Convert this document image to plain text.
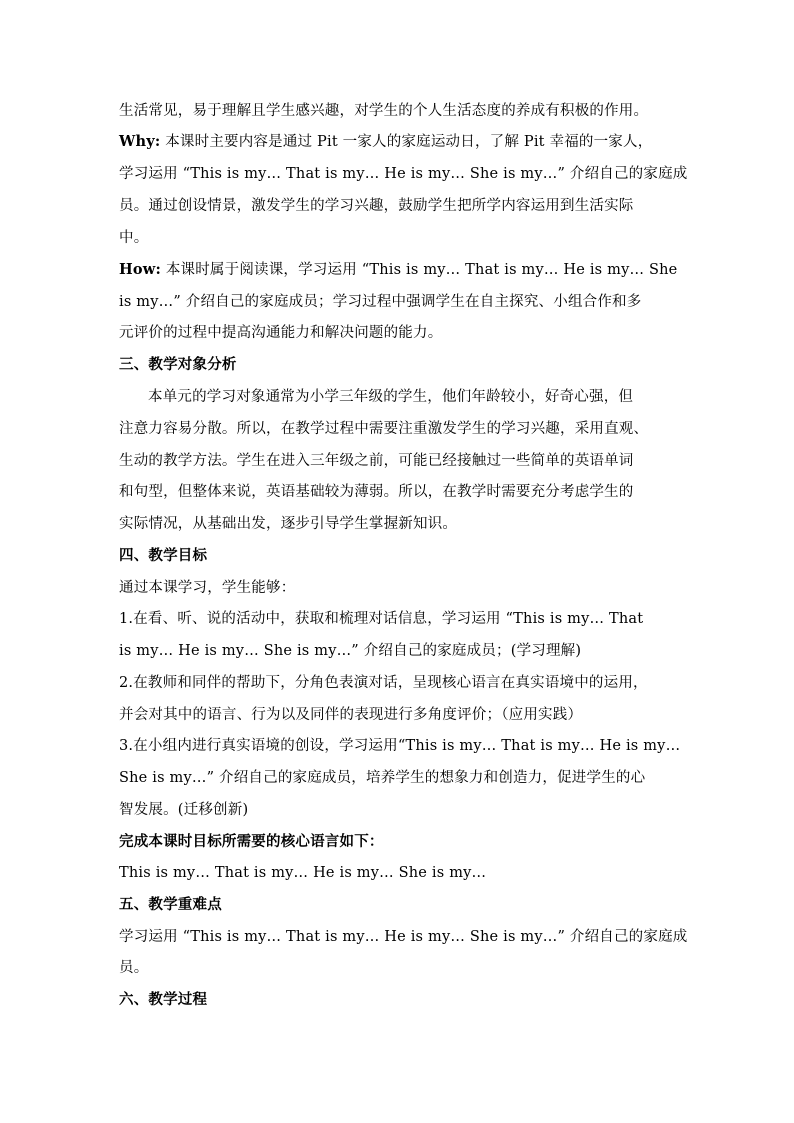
生活常见，易于理解且学生感兴趣，对学生的个人生活态度的养成有积极的作用。
Why: 本课时主要内容是通过 Pit 一家人的家庭运动日，了解 Pit 幸福的一家人，
学习运用 “This is my… That is my… He is my… She is my…” 介绍自己的家庭成
员。通过创设情景，激发学生的学习兴趣，鼓励学生把所学内容运用到生活实际
中。
How: 本课时属于阅读课，学习运用 “This is my… That is my… He is my… She
is my…” 介绍自己的家庭成员；学习过程中强调学生在自主探究、小组合作和多
元评价的过程中提高沟通能力和解决问题的能力。
三、教学对象分析
本单元的学习对象通常为小学三年级的学生，他们年龄较小，好奇心强，但
注意力容易分散。所以，在教学过程中需要注重激发学生的学习兴趣，采用直观、
生动的教学方法。学生在进入三年级之前，可能已经接触过一些简单的英语单词
和句型，但整体来说，英语基础较为薄弱。所以，在教学时需要充分考虑学生的
实际情况，从基础出发，逐步引导学生掌握新知识。
四、教学目标
通过本课学习，学生能够：
1.在看、听、说的活动中，获取和梳理对话信息，学习运用 “This is my… That
is my… He is my… She is my…” 介绍自己的家庭成员；(学习理解)
2.在教师和同伴的帮助下，分角色表演对话，呈现核心语言在真实语境中的运用，
并会对其中的语言、行为以及同伴的表现进行多角度评价；（应用实践）
3.在小组内进行真实语境的创设，学习运用“This is my… That is my… He is my…
She is my…” 介绍自己的家庭成员，培养学生的想象力和创造力，促进学生的心
智发展。(迁移创新)
完成本课时目标所需要的核心语言如下：
This is my… That is my… He is my… She is my…
五、教学重难点
学习运用 “This is my… That is my… He is my… She is my…” 介绍自己的家庭成
员。
六、教学过程
